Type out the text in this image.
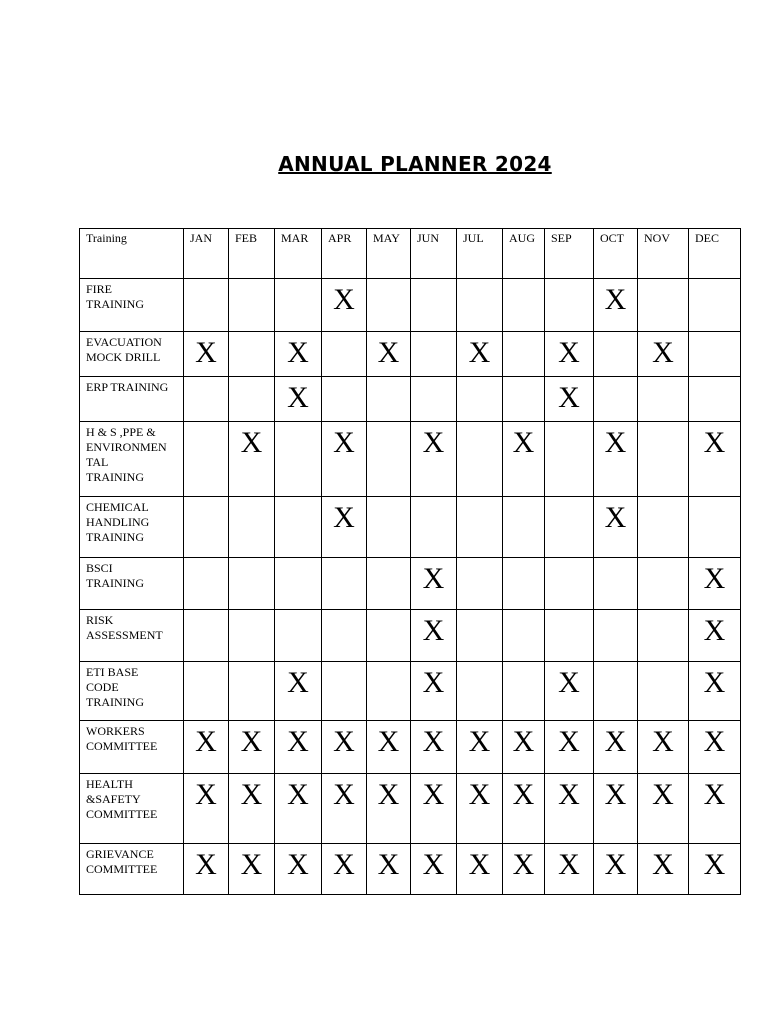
ANNUAL PLANNER 2024
Training	JAN	FEB	MAR	APR	MAY	JUN	JUL	AUG	SEP	OCT	NOV	DEC

FIRE
TRAINING				X						X		

EVACUATION
MOCK DRILL	X		X		X		X		X		X	

ERP TRAINING			X						X			

H & S ,PPE &
ENVIRONMEN
TAL
TRAINING		X		X		X		X		X		X

CHEMICAL
HANDLING
TRAINING				X						X		

BSCI
TRAINING						X						X

RISK
ASSESSMENT						X						X

ETI BASE
CODE
TRAINING			X			X			X			X

WORKERS
COMMITTEE	X	X	X	X	X	X	X	X	X	X	X	X

HEALTH
&SAFETY
COMMITTEE	X	X	X	X	X	X	X	X	X	X	X	X

GRIEVANCE
COMMITTEE	X	X	X	X	X	X	X	X	X	X	X	X
